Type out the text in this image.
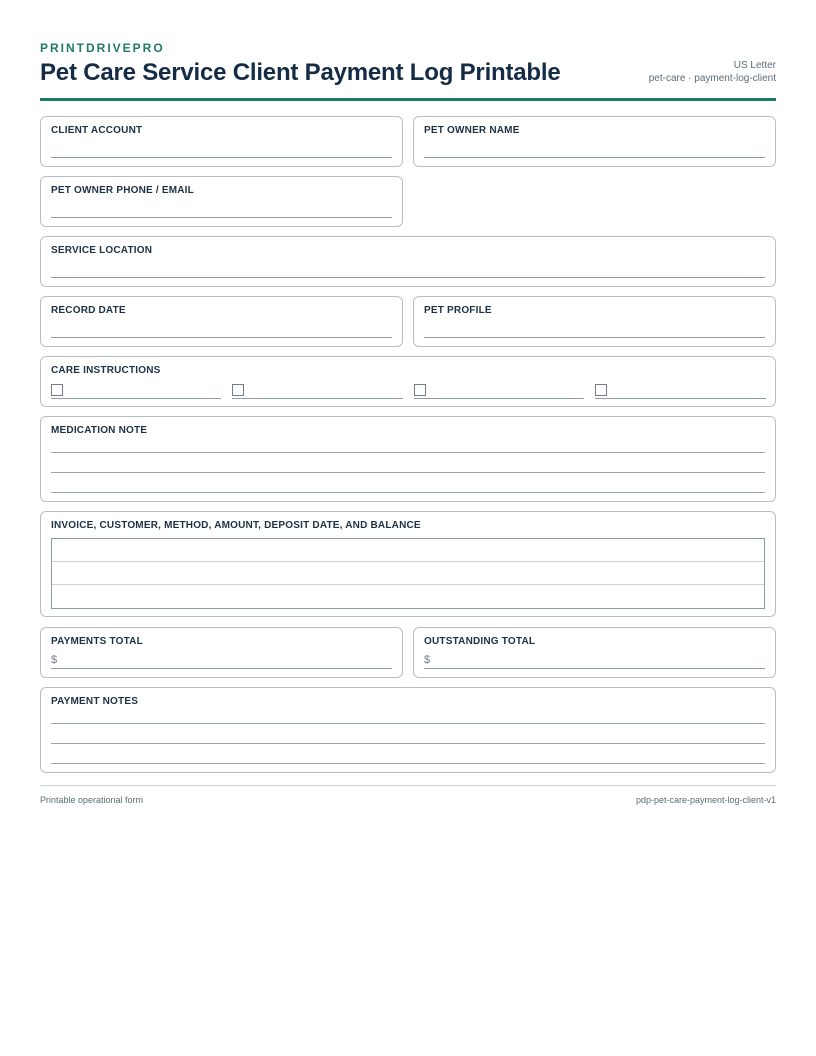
PRINTDRIVEPRO
Pet Care Service Client Payment Log Printable	US Letter
pet-care · payment-log-client
CLIENT ACCOUNT	PET OWNER NAME
PET OWNER PHONE / EMAIL
SERVICE LOCATION
RECORD DATE	PET PROFILE
CARE INSTRUCTIONS
MEDICATION NOTE
INVOICE, CUSTOMER, METHOD, AMOUNT, DEPOSIT DATE, AND BALANCE
PAYMENTS TOTAL
$
OUTSTANDING TOTAL
$
PAYMENT NOTES
Printable operational form	pdp-pet-care-payment-log-client-v1
